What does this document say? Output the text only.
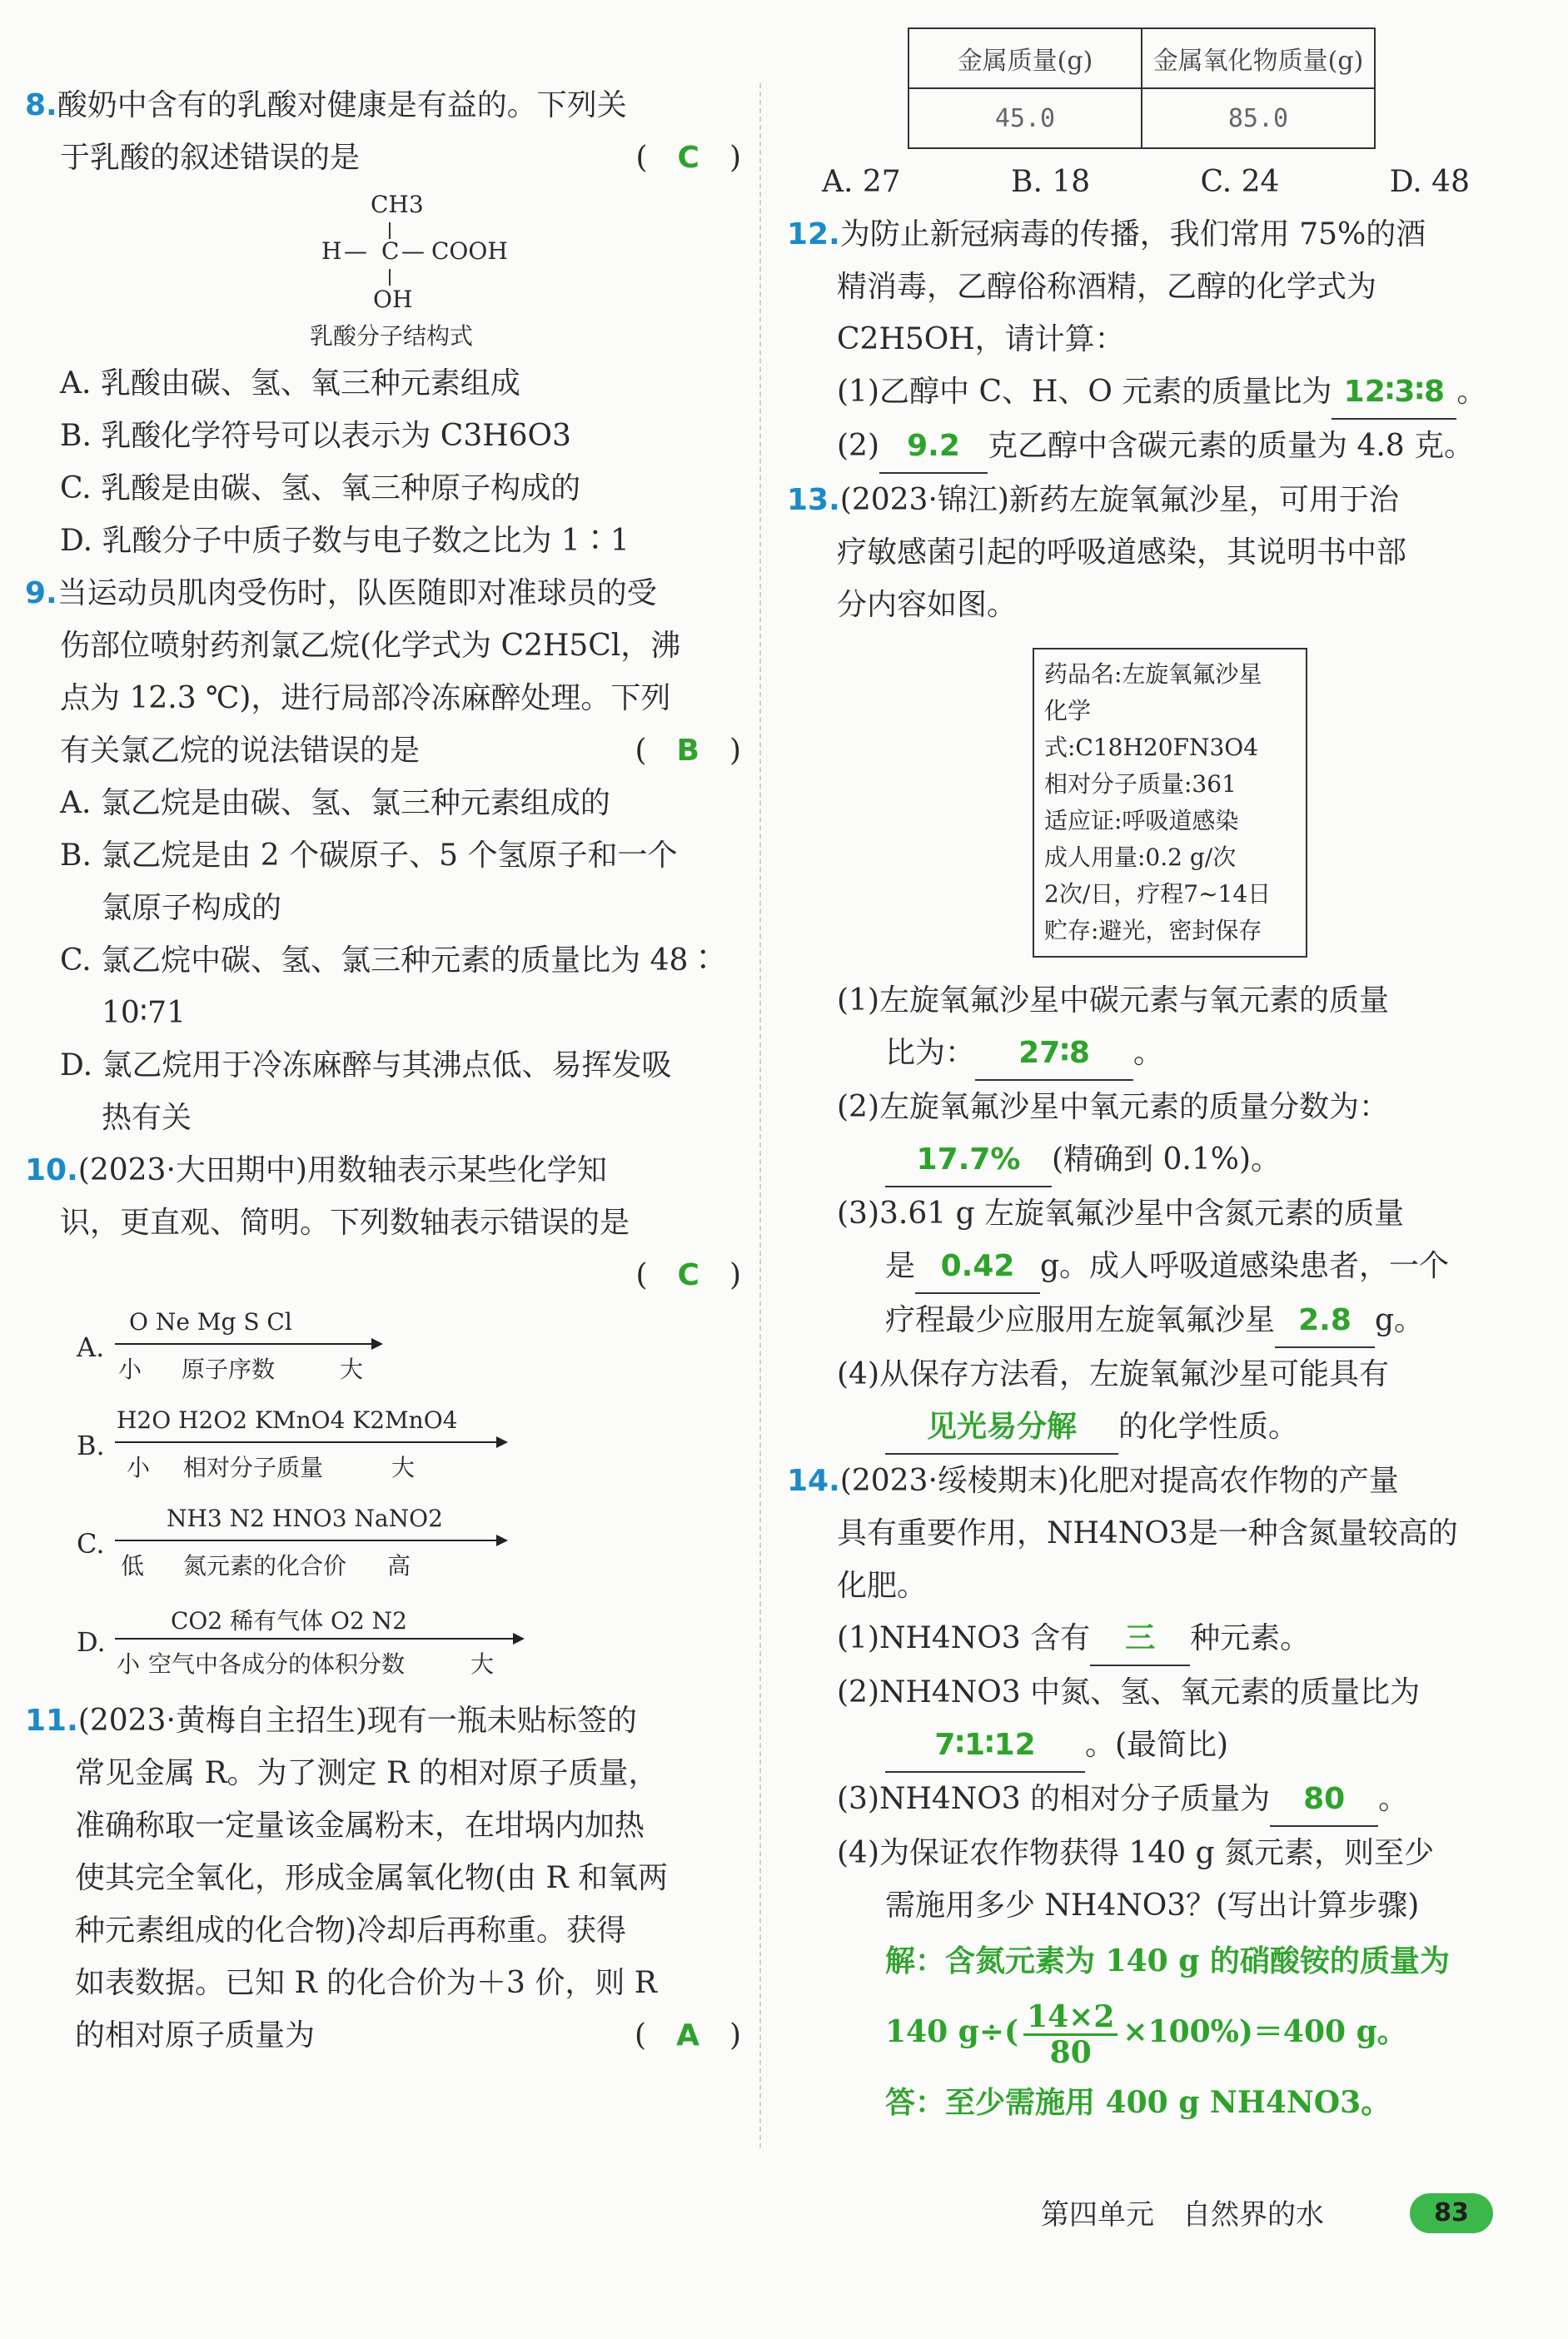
8.酸奶中含有的乳酸对健康是有益的。下列关
于乳酸的叙述错误的是	(　C　)
CH3
H — C — COOH
OH
乳酸分子结构式
A. 乳酸由碳、氢、氧三种元素组成
B. 乳酸化学符号可以表示为 C3H6O3
C. 乳酸是由碳、氢、氧三种原子构成的
D. 乳酸分子中质子数与电子数之比为 1∶1
9.当运动员肌肉受伤时，队医随即对准球员的受
伤部位喷射药剂氯乙烷(化学式为 C2H5Cl，沸
点为 12.3 ℃)，进行局部冷冻麻醉处理。下列
有关氯乙烷的说法错误的是	(　B　)
A. 氯乙烷是由碳、氢、氯三种元素组成的
B. 氯乙烷是由 2 个碳原子、5 个氢原子和一个
氯原子构成的
C. 氯乙烷中碳、氢、氯三种元素的质量比为 48∶
10∶71
D. 氯乙烷用于冷冻麻醉与其沸点低、易挥发吸
热有关
10.(2023·大田期中)用数轴表示某些化学知
识，更直观、简明。下列数轴表示错误的是
(　C　)

A.
O Ne Mg S Cl
小 原子序数	大
B.
H2O H2O2 KMnO4 K2MnO4
小 相对分子质量	大
C.
NH3 N2 HNO3 NaNO2
低 氮元素的化合价 高
D.
CO2 稀有气体 O2 N2
小 空气中各成分的体积分数	大
11.(2023·黄梅自主招生)现有一瓶未贴标签的
常见金属 R。为了测定 R 的相对原子质量，
准确称取一定量该金属粉末，在坩埚内加热
使其完全氧化，形成金属氧化物(由 R 和氧两
种元素组成的化合物)冷却后再称重。获得
如表数据。已知 R 的化合价为＋3 价，则 R
的相对原子质量为	(　A　)
金属质量(g)	金属氧化物质量(g)
45.0	85.0
A. 27	B. 18	C. 24	D. 48
12.为防止新冠病毒的传播，我们常用 75%的酒
精消毒，乙醇俗称酒精，乙醇的化学式为
C2H5OH，请计算：
(1)乙醇中 C、H、O 元素的质量比为 12∶3∶8 。
(2) 9.2 克乙醇中含碳元素的质量为 4.8 克。
13.(2023·锦江)新药左旋氧氟沙星，可用于治
疗敏感菌引起的呼吸道感染，其说明书中部
分内容如图。
药品名:左旋氧氟沙星
化学式:C18H20FN3O4
相对分子质量:361
适应证:呼吸道感染
成人用量:0.2 g/次
2次/日，疗程7~14日
贮存:避光，密封保存
(1)左旋氧氟沙星中碳元素与氧元素的质量
比为： 27∶8 。
(2)左旋氧氟沙星中氧元素的质量分数为：
17.7% (精确到 0.1%)。
(3)3.61 g 左旋氧氟沙星中含氮元素的质量
是 0.42 g。成人呼吸道感染患者，一个
疗程最少应服用左旋氧氟沙星 2.8 g。
(4)从保存方法看，左旋氧氟沙星可能具有
见光易分解 的化学性质。
14.(2023·绥棱期末)化肥对提高农作物的产量
具有重要作用，NH4NO3是一种含氮量较高的
化肥。
(1)NH4NO3 含有 三 种元素。
(2)NH4NO3 中氮、氢、氧元素的质量比为
7∶1∶12 。(最简比)
(3)NH4NO3 的相对分子质量为 80 。
(4)为保证农作物获得 140 g 氮元素，则至少
需施用多少 NH4NO3？(写出计算步骤)
解：含氮元素为 140 g 的硝酸铵的质量为
140 $g\div( \frac{14\times 2}{80} \times 100\%)=400$ g。
答：至少需施用 400 g NH4NO3。
第四单元　自然界的水	83
